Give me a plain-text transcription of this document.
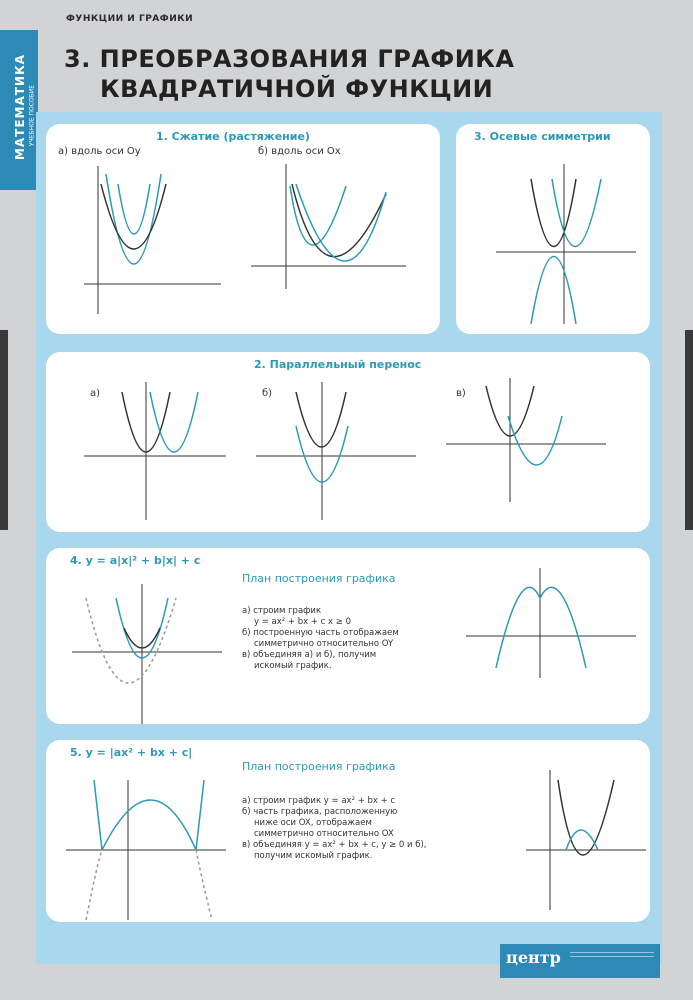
МАТЕМАТИКА УЧЕБНОЕ ПОСОБИЕ
ФУНКЦИИ И ГРАФИКИ
3. ПРЕОБРАЗОВАНИЯ ГРАФИКА
КВАДРАТИЧНОЙ ФУНКЦИИ
1. Сжатие (растяжение)
а) вдоль оси Oy	б) вдоль оси Ox
3. Осевые симметрии
2. Параллельный перенос
а)	б)	в)
4. y = a|x|² + b|x| + c
План построения графика
а) строим график
y = ax² + bx + c x ≥ 0
б) построенную часть отображаем
симметрично относительно OY
в) объединяя а) и б), получим
искомый график.
5. y = |ax² + bx + c|
План построения графика
а) строим график y = ax² + bx + c
б) часть графика, расположенную
ниже оси OX, отображаем
симметрично относительно OX
в) объединяя y = ax² + bx + c, y ≥ 0 и б),
получим искомый график.
центр
